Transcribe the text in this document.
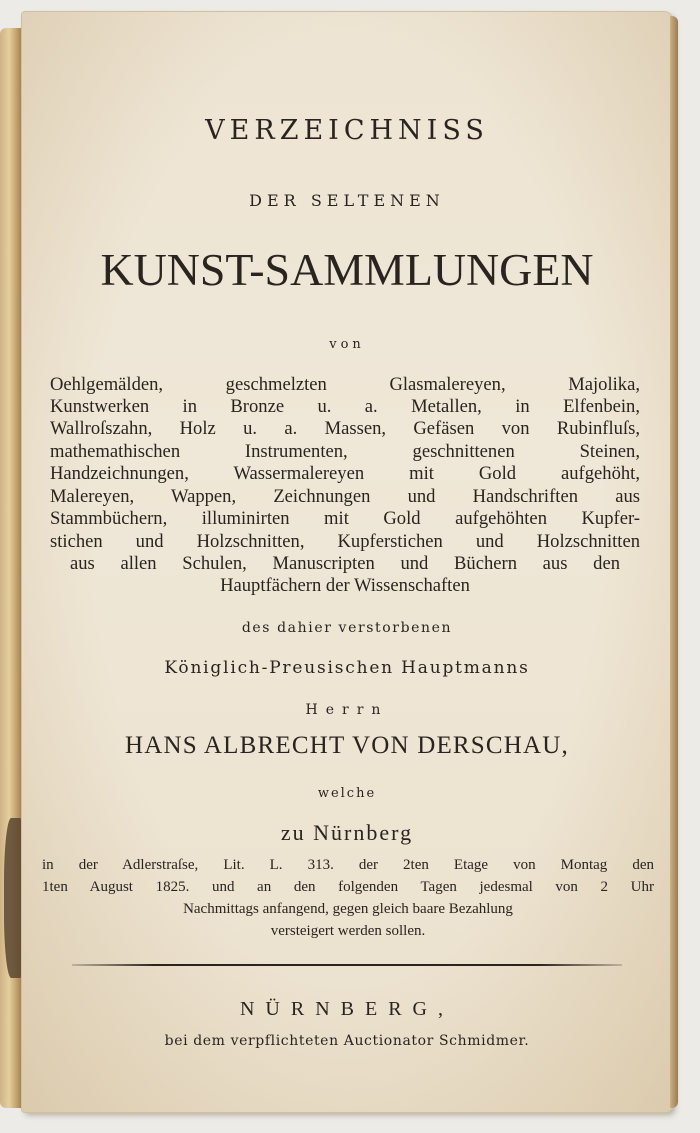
VERZEICHNISS
DER SELTENEN
KUNST-SAMMLUNGEN
von
Oehlgemälden, geschmelzten Glasmalereyen, Majolika,
Kunstwerken in Bronze u. a. Metallen, in Elfenbein,
Wallroſszahn, Holz u. a. Massen, Gefäsen von Rubinfluſs,
mathemathischen Instrumenten, geschnittenen Steinen,
Handzeichnungen, Wassermalereyen mit Gold aufgehöht,
Malereyen, Wappen, Zeichnungen und Handschriften aus
Stammbüchern, illuminirten mit Gold aufgehöhten Kupfer-
stichen und Holzschnitten, Kupferstichen und Holzschnitten
aus allen Schulen, Manuscripten und Büchern aus den
Hauptfächern der Wissenschaften
des dahier verstorbenen
Königlich-Preusischen Hauptmanns
Herrn
HANS ALBRECHT VON DERSCHAU,
welche
zu Nürnberg
in der Adlerstraſse, Lit. L. 313. der 2ten Etage von Montag den
1ten August 1825. und an den folgenden Tagen jedesmal von 2 Uhr
Nachmittags anfangend, gegen gleich baare Bezahlung
versteigert werden sollen.
NÜRNBERG,
bei dem verpflichteten Auctionator Schmidmer.
